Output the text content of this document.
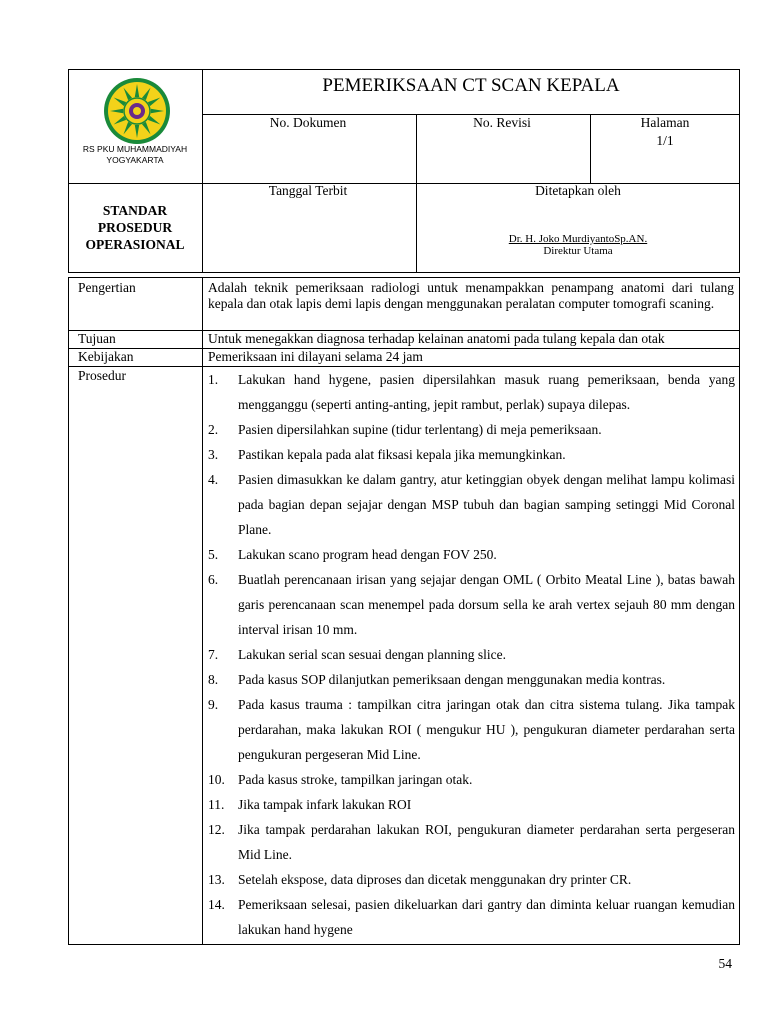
RS PKU MUHAMMADIYAH YOGYAKARTA
PEMERIKSAAN CT SCAN KEPALA
No. Dokumen	No. Revisi	Halaman
1/1
STANDAR
PROSEDUR
OPERASIONAL
Tanggal Terbit	Ditetapkan oleh
Dr. H. Joko MurdiyantoSp.AN.
Direktur Utama
Pengertian	Adalah teknik pemeriksaan radiologi untuk menampakkan penampang anatomi dari tulang kepala dan otak lapis demi lapis dengan menggunakan peralatan computer tomografi scaning.
Tujuan	Untuk menegakkan diagnosa terhadap kelainan anatomi pada tulang kepala dan otak
Kebijakan	Pemeriksaan ini dilayani selama 24 jam
Prosedur	1. Lakukan hand hygene, pasien dipersilahkan masuk ruang pemeriksaan, benda yang mengganggu (seperti anting-anting, jepit rambut, perlak) supaya dilepas.
2. Pasien dipersilahkan supine (tidur terlentang) di meja pemeriksaan.
3. Pastikan kepala pada alat fiksasi kepala jika memungkinkan.
4. Pasien dimasukkan ke dalam gantry, atur ketinggian obyek dengan melihat lampu kolimasi pada bagian depan sejajar dengan MSP tubuh dan bagian samping setinggi Mid Coronal Plane.
5. Lakukan scano program head dengan FOV 250.
6. Buatlah perencanaan irisan yang sejajar dengan OML ( Orbito Meatal Line ), batas bawah garis perencanaan scan menempel pada dorsum sella ke arah vertex sejauh 80 mm dengan interval irisan 10 mm.
7. Lakukan serial scan sesuai dengan planning slice.
8. Pada kasus SOP dilanjutkan pemeriksaan dengan menggunakan media kontras.
9. Pada kasus trauma : tampilkan citra jaringan otak dan citra sistema tulang. Jika tampak perdarahan, maka lakukan ROI ( mengukur HU ), pengukuran diameter perdarahan serta pengukuran pergeseran Mid Line.
10. Pada kasus stroke, tampilkan jaringan otak.
11. Jika tampak infark lakukan ROI
12. Jika tampak perdarahan lakukan ROI, pengukuran diameter perdarahan serta pergeseran Mid Line.
13. Setelah ekspose, data diproses dan dicetak menggunakan dry printer CR.
14. Pemeriksaan selesai, pasien dikeluarkan dari gantry dan diminta keluar ruangan kemudian lakukan hand hygene
54
